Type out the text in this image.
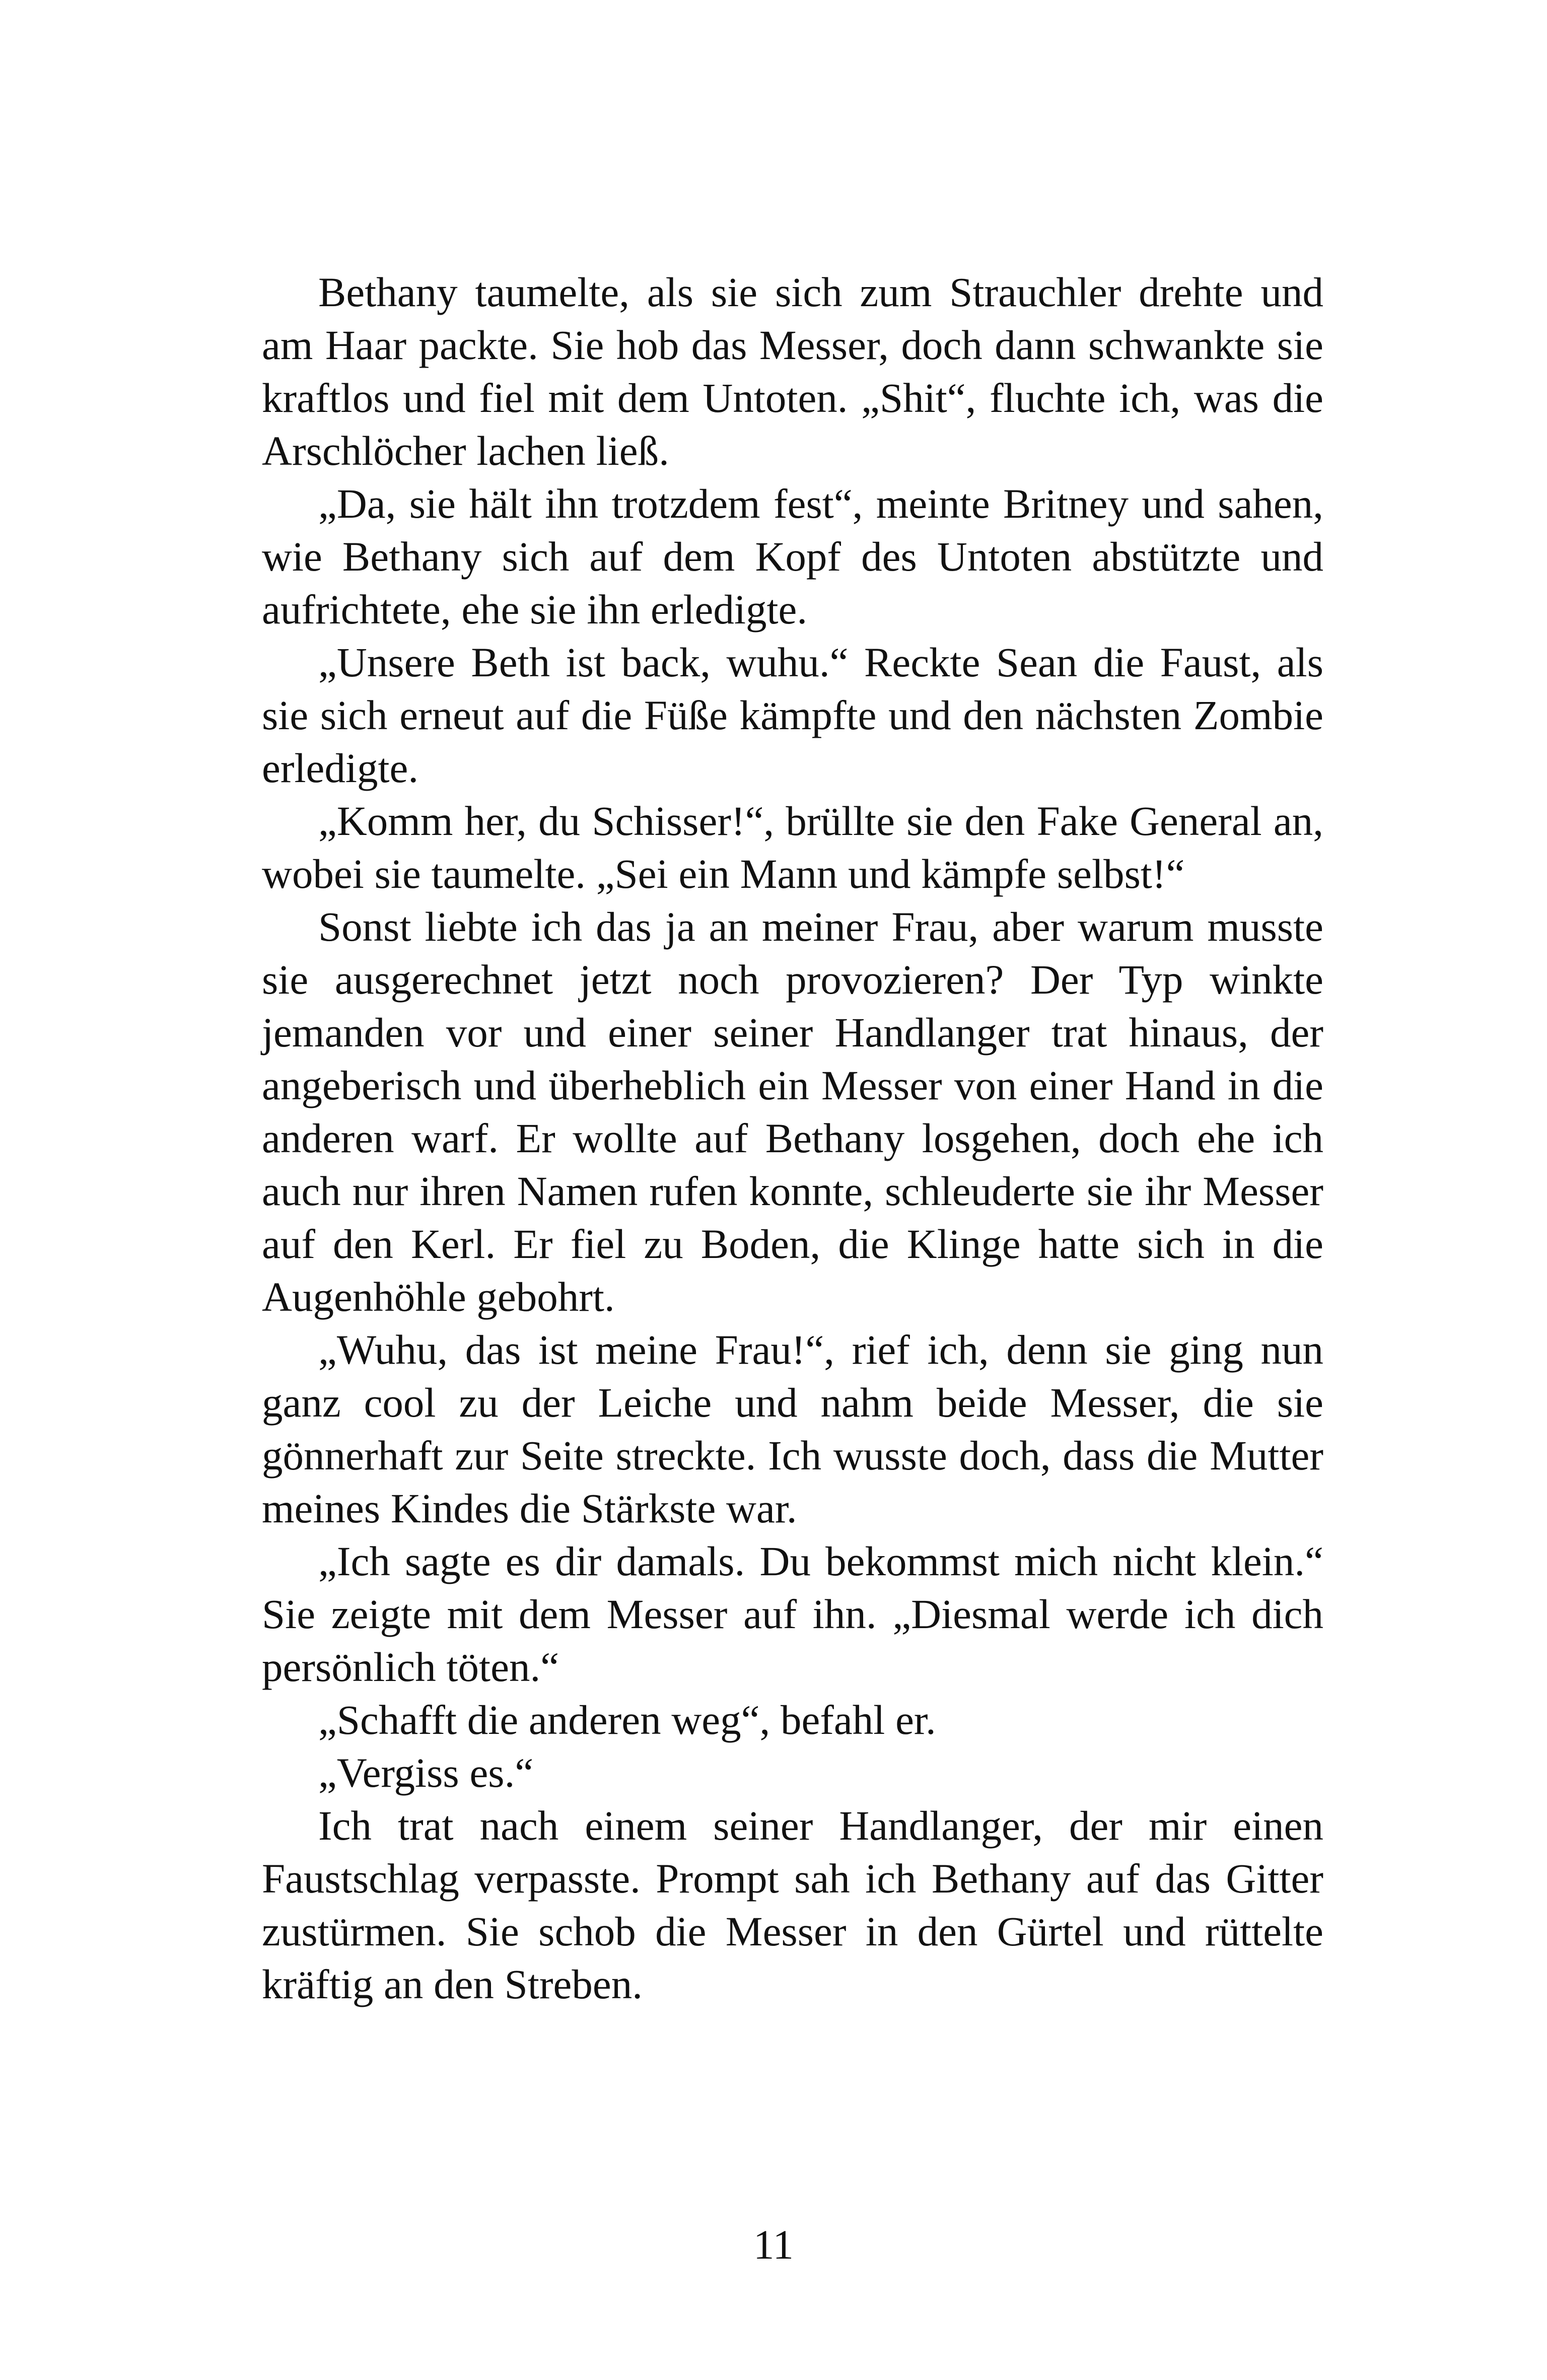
Bethany taumelte, als sie sich zum Strauchler drehte und am Haar packte. Sie hob das Messer, doch dann schwankte sie kraftlos und fiel mit dem Untoten. „Shit“, fluchte ich, was die Arschlöcher lachen ließ.

„Da, sie hält ihn trotzdem fest“, meinte Britney und sahen, wie Bethany sich auf dem Kopf des Untoten abstützte und aufrichtete, ehe sie ihn erledigte.

„Unsere Beth ist back, wuhu.“ Reckte Sean die Faust, als sie sich erneut auf die Füße kämpfte und den nächsten Zombie erledigte.

„Komm her, du Schisser!“, brüllte sie den Fake General an, wobei sie taumelte. „Sei ein Mann und kämpfe selbst!“

Sonst liebte ich das ja an meiner Frau, aber warum musste sie ausgerechnet jetzt noch provozieren? Der Typ winkte jemanden vor und einer seiner Handlanger trat hinaus, der angeberisch und überheblich ein Messer von einer Hand in die anderen warf. Er wollte auf Bethany losgehen, doch ehe ich auch nur ihren Namen rufen konnte, schleuderte sie ihr Messer auf den Kerl. Er fiel zu Boden, die Klinge hatte sich in die Augenhöhle gebohrt.

„Wuhu, das ist meine Frau!“, rief ich, denn sie ging nun ganz cool zu der Leiche und nahm beide Messer, die sie gönnerhaft zur Seite streckte. Ich wusste doch, dass die Mutter meines Kindes die Stärkste war.

„Ich sagte es dir damals. Du bekommst mich nicht klein.“ Sie zeigte mit dem Messer auf ihn. „Diesmal werde ich dich persönlich töten.“

„Schafft die anderen weg“, befahl er.

„Vergiss es.“

Ich trat nach einem seiner Handlanger, der mir einen Faustschlag verpasste. Prompt sah ich Bethany auf das Gitter zustürmen. Sie schob die Messer in den Gürtel und rüttelte kräftig an den Streben.

11
